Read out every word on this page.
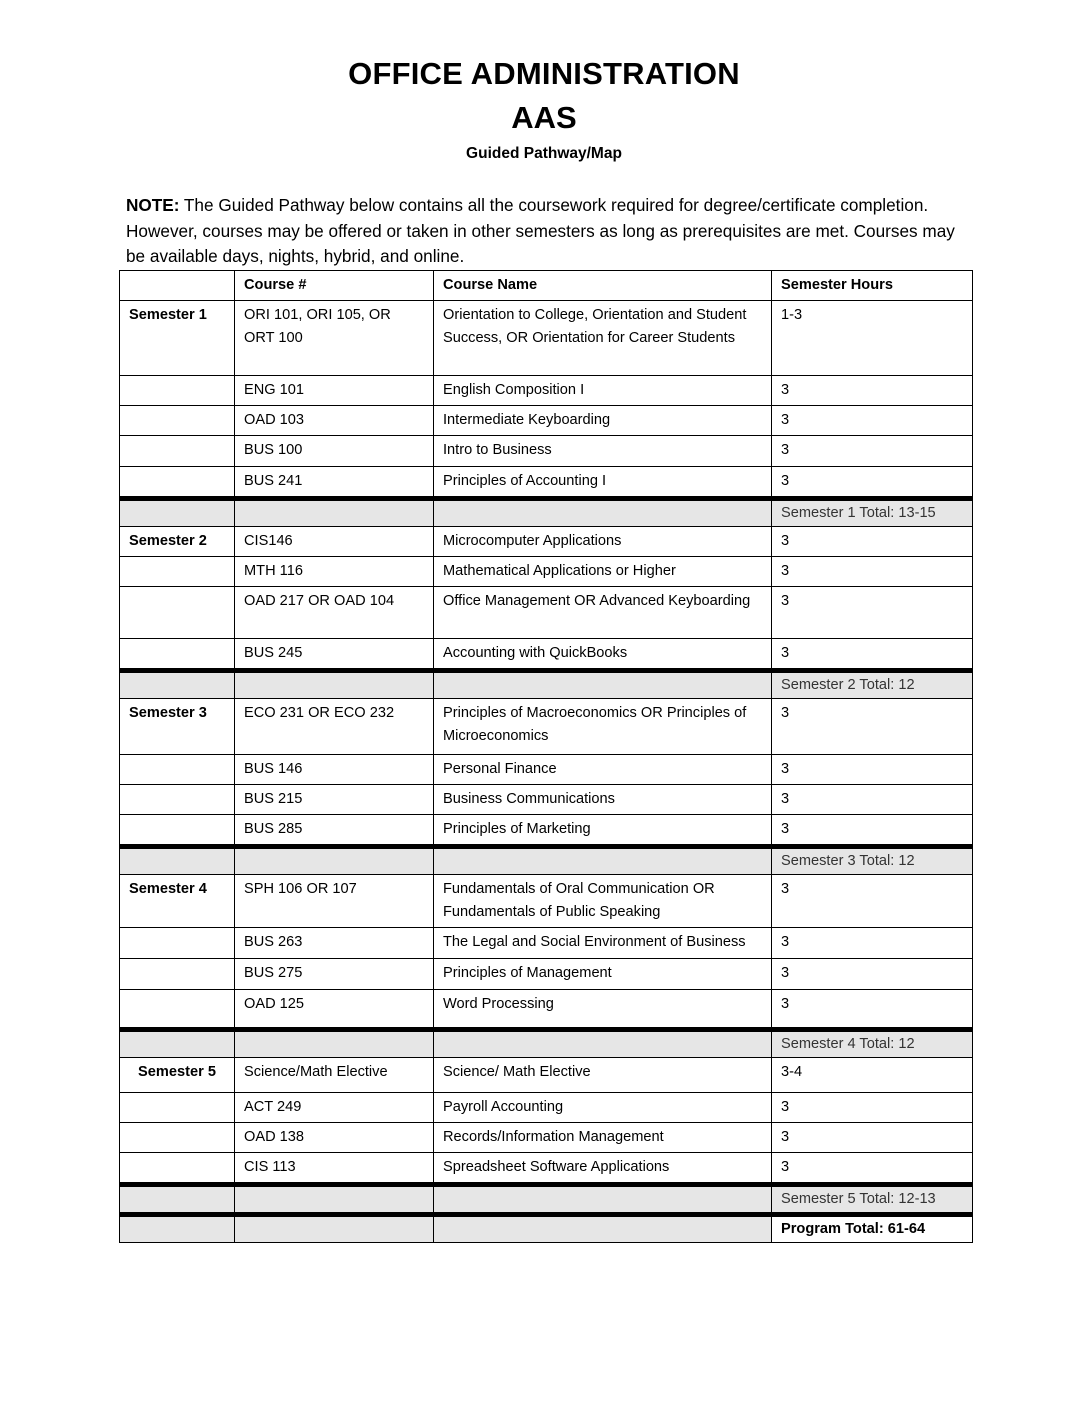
OFFICE ADMINISTRATION
AAS
Guided Pathway/Map
NOTE: The Guided Pathway below contains all the coursework required for degree/certificate completion. However, courses may be offered or taken in other semesters as long as prerequisites are met. Courses may be available days, nights, hybrid, and online.
	Course #	Course Name	Semester Hours
Semester 1	ORI 101, ORI 105, OR ORT 100	Orientation to College, Orientation and Student Success, OR Orientation for Career Students	1-3
	ENG 101	English Composition I	3
	OAD 103	Intermediate Keyboarding	3
	BUS 100	Intro to Business	3
	BUS 241	Principles of Accounting I	3
			Semester 1 Total: 13-15
Semester 2	CIS146	Microcomputer Applications	3
	MTH 116	Mathematical Applications or Higher	3
	OAD 217 OR OAD 104	Office Management OR Advanced Keyboarding	3
	BUS 245	Accounting with QuickBooks	3
			Semester 2 Total: 12
Semester 3	ECO 231 OR ECO 232	Principles of Macroeconomics OR Principles of Microeconomics	3
	BUS 146	Personal Finance	3
	BUS 215	Business Communications	3
	BUS 285	Principles of Marketing	3
			Semester 3 Total: 12
Semester 4	SPH 106 OR 107	Fundamentals of Oral Communication OR Fundamentals of Public Speaking	3
	BUS 263	The Legal and Social Environment of Business	3
	BUS 275	Principles of Management	3
	OAD 125	Word Processing	3
			Semester 4 Total: 12
Semester 5	Science/Math Elective	Science/ Math Elective	3-4
	ACT 249	Payroll Accounting	3
	OAD 138	Records/Information Management	3
	CIS 113	Spreadsheet Software Applications	3
			Semester 5 Total: 12-13
			Program Total: 61-64
